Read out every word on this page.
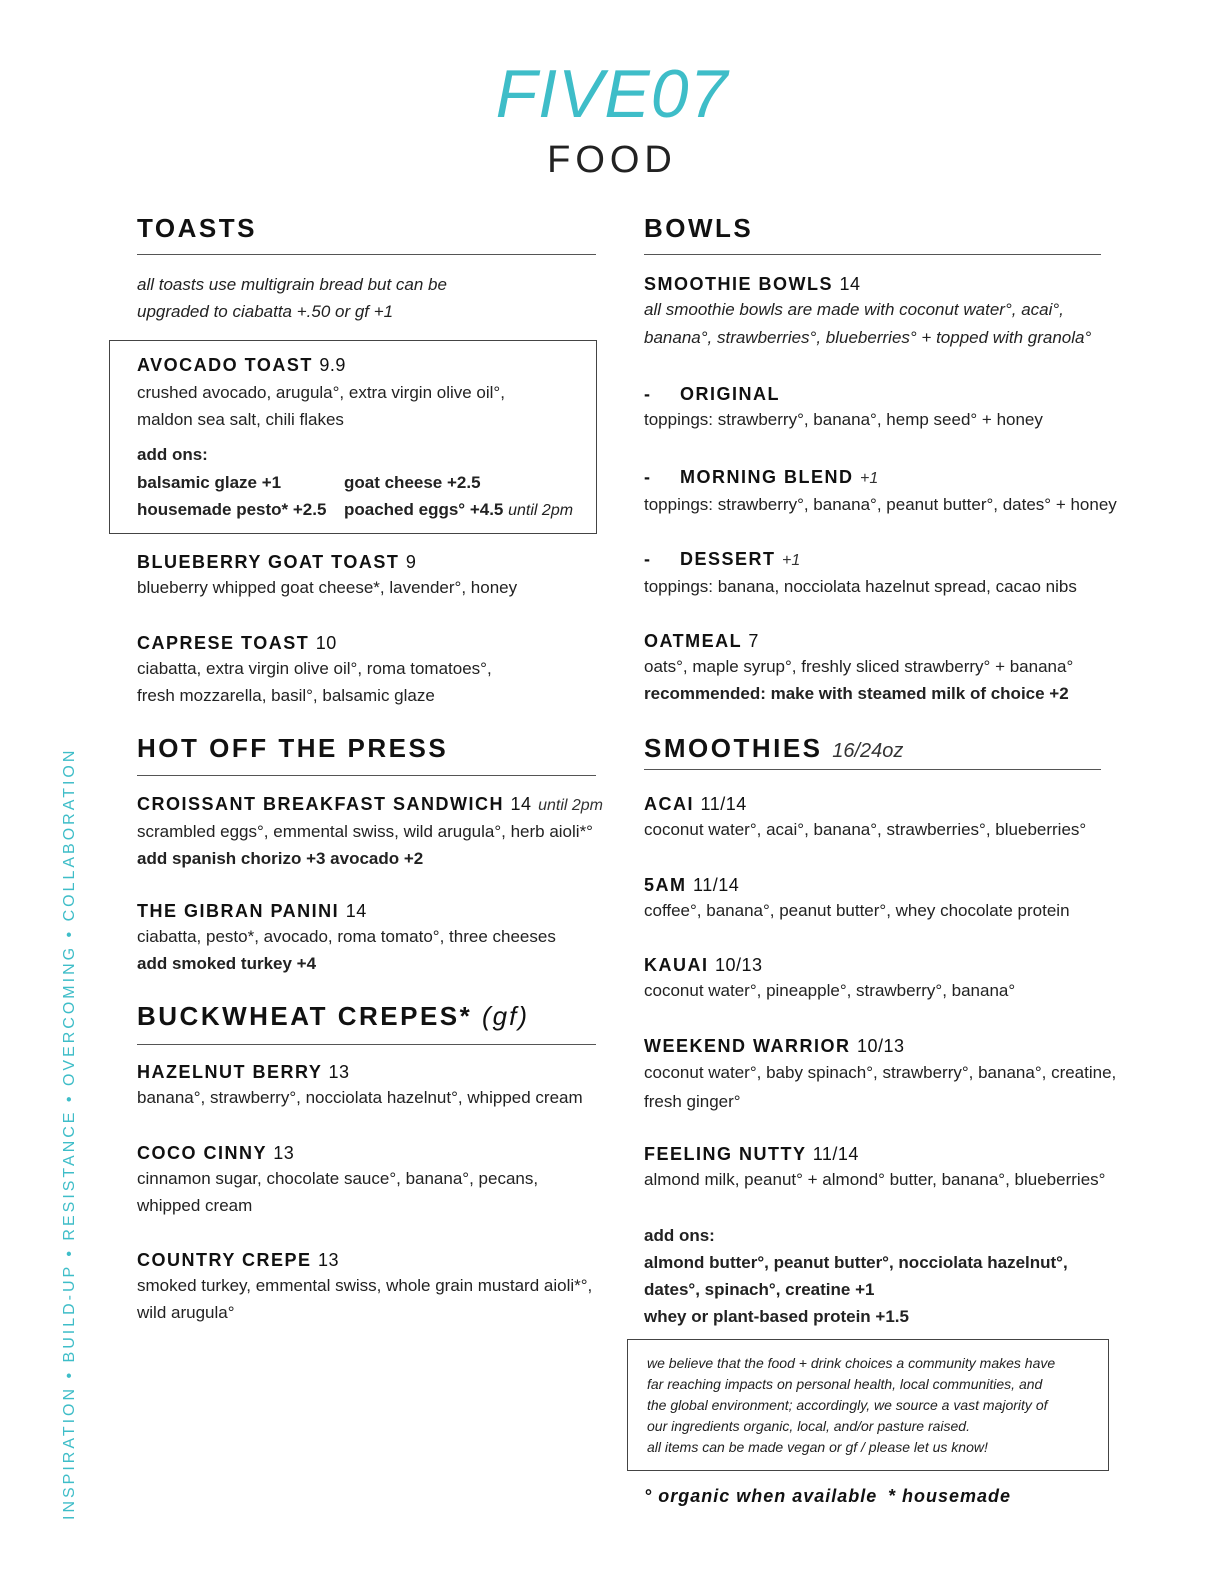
FIVE07
FOOD
INSPIRATION • BUILD-UP • RESISTANCE • OVERCOMING • COLLABORATION
TOASTS
all toasts use multigrain bread but can be
upgraded to ciabatta +.50 or gf +1
AVOCADO TOAST 9.9
crushed avocado, arugula°, extra virgin olive oil°,
maldon sea salt, chili flakes
add ons:
balsamic glaze +1	goat cheese +2.5
housemade pesto* +2.5 poached eggs° +4.5 until 2pm
BLUEBERRY GOAT TOAST 9
blueberry whipped goat cheese*, lavender°, honey
CAPRESE TOAST 10
ciabatta, extra virgin olive oil°, roma tomatoes°,
fresh mozzarella, basil°, balsamic glaze
HOT OFF THE PRESS
CROISSANT BREAKFAST SANDWICH 14 until 2pm
scrambled eggs°, emmental swiss, wild arugula°, herb aioli*°
add spanish chorizo +3 avocado +2
THE GIBRAN PANINI 14
ciabatta, pesto*, avocado, roma tomato°, three cheeses
add smoked turkey +4
BUCKWHEAT CREPES* (gf)
HAZELNUT BERRY 13
banana°, strawberry°, nocciolata hazelnut°, whipped cream
COCO CINNY 13
cinnamon sugar, chocolate sauce°, banana°, pecans,
whipped cream
COUNTRY CREPE 13
smoked turkey, emmental swiss, whole grain mustard aioli*°,
wild arugula°
BOWLS
SMOOTHIE BOWLS 14
all smoothie bowls are made with coconut water°, acai°,
banana°, strawberries°, blueberries° + topped with granola°
- ORIGINAL
toppings: strawberry°, banana°, hemp seed° + honey
- MORNING BLEND +1
toppings: strawberry°, banana°, peanut butter°, dates° + honey
- DESSERT +1
toppings: banana, nocciolata hazelnut spread, cacao nibs
OATMEAL 7
oats°, maple syrup°, freshly sliced strawberry° + banana°
recommended: make with steamed milk of choice +2
SMOOTHIES 16/24oz
ACAI 11/14
coconut water°, acai°, banana°, strawberries°, blueberries°
5AM 11/14
coffee°, banana°, peanut butter°, whey chocolate protein
KAUAI 10/13
coconut water°, pineapple°, strawberry°, banana°
WEEKEND WARRIOR 10/13
coconut water°, baby spinach°, strawberry°, banana°, creatine,
fresh ginger°
FEELING NUTTY 11/14
almond milk, peanut° + almond° butter, banana°, blueberries°
add ons:
almond butter°, peanut butter°, nocciolata hazelnut°,
dates°, spinach°, creatine +1
whey or plant-based protein +1.5
we believe that the food + drink choices a community makes have
far reaching impacts on personal health, local communities, and
the global environment; accordingly, we source a vast majority of
our ingredients organic, local, and/or pasture raised.
all items can be made vegan or gf / please let us know!
° organic when available * housemade
